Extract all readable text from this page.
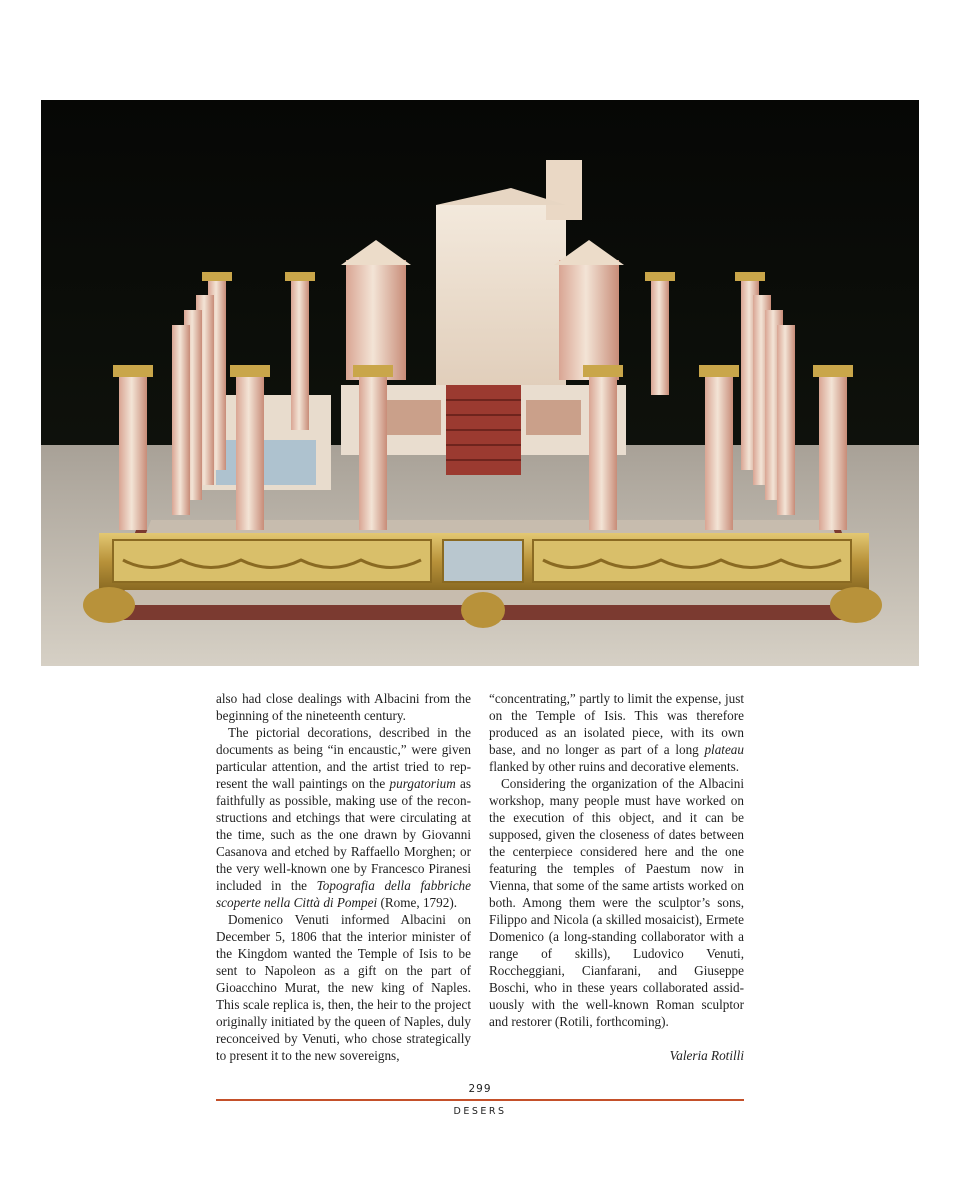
also had close dealings with Albacini from the beginning of the nineteenth century.

The pictorial decorations, described in the documents as being “in encaustic,” were given particular attention, and the artist tried to represent the wall paintings on the purgatorium as faithfully as possible, making use of the reconstructions and etchings that were circulating at the time, such as the one drawn by Giovanni Casanova and etched by Raffaello Morghen; or the very well-known one by Francesco Piranesi included in the Topografia della fabbriche scoperte nella Città di Pompei (Rome, 1792).

Domenico Venuti informed Albacini on December 5, 1806 that the interior minister of the Kingdom wanted the Temple of Isis to be sent to Napoleon as a gift on the part of Gioacchino Murat, the new king of Naples. This scale replica is, then, the heir to the project originally initiated by the queen of Naples, duly reconceived by Venuti, who chose strategically to present it to the new sovereigns,

“concentrating,” partly to limit the expense, just on the Temple of Isis. This was therefore produced as an isolated piece, with its own base, and no longer as part of a long plateau flanked by other ruins and decorative elements.

Considering the organization of the Albacini workshop, many people must have worked on the execution of this object, and it can be supposed, given the closeness of dates between the centerpiece considered here and the one featuring the temples of Paestum now in Vienna, that some of the same artists worked on both. Among them were the sculptor’s sons, Filippo and Nicola (a skilled mosaicist), Ermete Domenico (a long-standing collaborator with a range of skills), Ludovico Venuti, Roccheggiani, Cianfarani, and Giuseppe Boschi, who in these years collaborated assiduously with the well-known Roman sculptor and restorer (Rotili, forthcoming).

Valeria Rotilli

299
DESERS
